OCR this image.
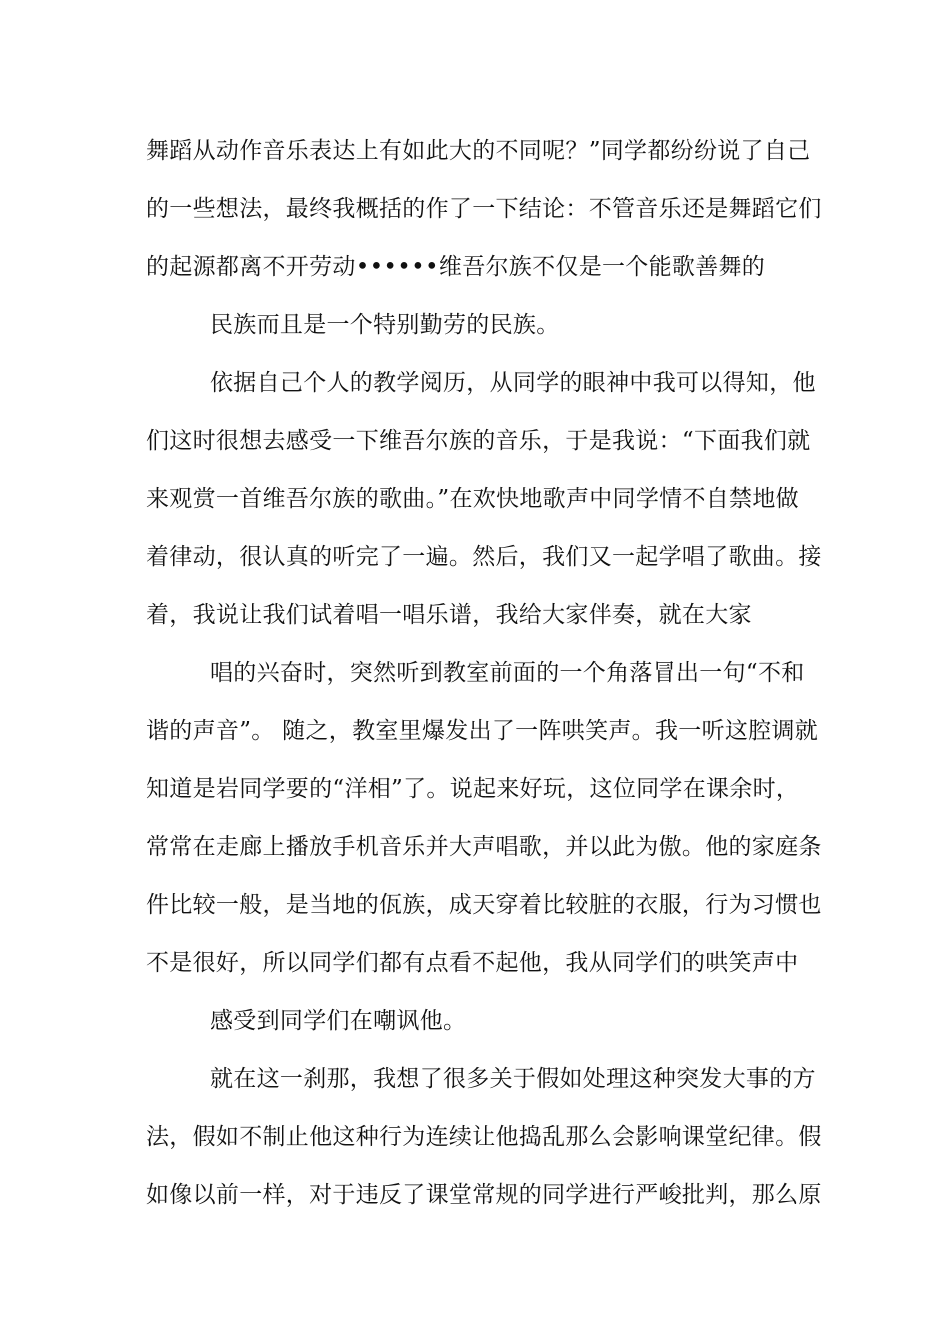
舞蹈从动作音乐表达上有如此大的不同呢？”同学都纷纷说了自己
的一些想法，最终我概括的作了一下结论：不管音乐还是舞蹈它们
的起源都离不开劳动••••••维吾尔族不仅是一个能歌善舞的
民族而且是一个特别勤劳的民族。
依据自己个人的教学阅历，从同学的眼神中我可以得知，他
们这时很想去感受一下维吾尔族的音乐，于是我说：“下面我们就
来观赏一首维吾尔族的歌曲。”在欢快地歌声中同学情不自禁地做
着律动，很认真的听完了一遍。然后，我们又一起学唱了歌曲。接
着，我说让我们试着唱一唱乐谱，我给大家伴奏，就在大家
唱的兴奋时，突然听到教室前面的一个角落冒出一句“不和
谐的声音”。 随之，教室里爆发出了一阵哄笑声。我一听这腔调就
知道是岩同学要的“洋相”了。说起来好玩，这位同学在课余时，
常常在走廊上播放手机音乐并大声唱歌，并以此为傲。他的家庭条
件比较一般，是当地的佤族，成天穿着比较脏的衣服，行为习惯也
不是很好，所以同学们都有点看不起他，我从同学们的哄笑声中
感受到同学们在嘲讽他。
就在这一刹那，我想了很多关于假如处理这种突发大事的方
法，假如不制止他这种行为连续让他捣乱那么会影响课堂纪律。假
如像以前一样，对于违反了课堂常规的同学进行严峻批判，那么原
